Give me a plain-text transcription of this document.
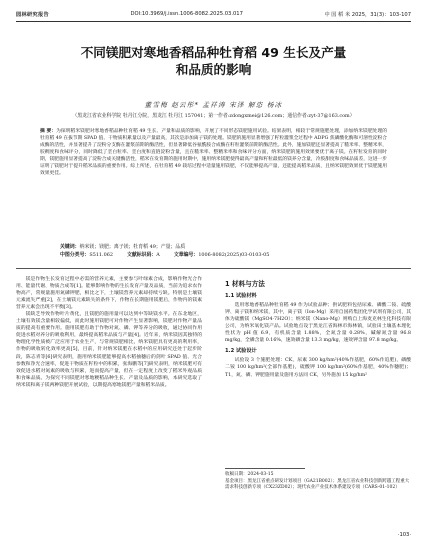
园林研究报告	DOI:10.3969/j.issn.1006-8082.2025.03.017	中 国 稻 米 2025，31(3)：103-107
不同镁肥对寒地香稻品种牡育稻 49 生长及产量
和品质的影响
董雪梅 赵云彤* 孟祥涛 宋泽 解恣 杨冰
（黑龙江省农业科学院 牡丹江分院，黑龙江 牡丹江 157041；第一作者:zdongxmei@126.com；通信作者:zyt-37@163.com）
摘 要：为探明稻米镁肥对寒地香稻品种牡育稻 49 生长、产量和品质的影响，开展了不同形态镁肥施用试验。结果表明，相较于常规施肥处理，添加纳米镁肥处理的牡育稻 49 在拔节期 SPAD 值、干物质积累量以及产量最高，其次是添加离子镁的处理。镁肥的施用显著增强了籽粒灌浆全过程中 ADPG 焦磷酸化酶和可溶性淀粉合成酶的活性，并显著提升了淀粉分支酶在灌浆前期的酶活性，但显著降低谷氨酰胺合成酶在籽粒灌浆前期的酶活性。此外，施加镁肥还显著提高了糙米率、整精米率，胶稠度和食味评分，同时降低了垩白粒率、垩白度和直链淀粉含量，且在糙米率、整精米率和食味评分方面，纳米镁肥的施用效果要优于离子镁。在籽粒发育的同时期，镁肥施用显著提高了淀粉合成关键酶活性，稻米在发育期的施用时期中，施用纳米镁肥使得最高产量和籽粒最低的镁养分含量，冷胶甜度和食味品质差，这进一步证明了镁肥对于提升稻米品质的重要作用。综上所述，在牡育稻 49 栽培过程中适量施用镁肥，不仅能够提高产量，还能提高稻米品质，且纳米镁肥效果优于镁肥施用效果更佳。
关键词：纳米镁；镁肥；离子镁；牡育稻 49；产量；品质
中图分类号：S511.062	文献标识码：A	文章编号：1006-8082(2025)03-0103-05

镁是作物生长发育过程中必需的营养元素，主要参与叶绿素合成，影响作物光合作用、能量代谢、物质合成等[1]。能够影响作物的生长发育产量及品质，当前为追求农作物高产，常规量施用氮磷钾肥，相比之下，土壤镁营养元素却持续亏缺。特别是土壤镁元素流失严重[2]，在土壤镁元素缺失的条件下，作物在长期施用镁肥后，作物内的镁素营养元素会出现不平衡[3]。

镁缺乏导致作物叶片黄化，且镁肥的施用量可以达到中等缺镁水平。在东北地区，土壤有效镁含量相较偏低，而此时施用镁肥可对作物产生显著影响，镁肥对作物产量品质的提高有重要作用。施用镁肥有助于作物对氮、磷、钾等养分的吸收，通过协同作用促进水稻对养分的吸收利用，最终提高稻米品质与产量[4]。近年来，纳米镁因其独特的物理化学性质被广泛应用于农业生产，与常规镁肥相比，纳米镁肥具有更高的利用率，作物的吸收转化效率更高[5]，目前，针对纳米镁肥在水稻中的应用研究还处于起步阶段，陈志青等[6]研究表明，施用纳米镁肥能够提高水稻抽穗后的剑叶 SPAD 值、光合参数和净光合速率，促进干物质在籽粒中的积累，张海鹏等[7]研究表明，纳米镁肥可有效促进水稻对氮素的吸收与积累，进而提高产量，但在一定程度上改变了稻米外观品质和食味品质。为探究不同镁肥对寒地粳稻品种生长、产量及品质的影响，本研究选取了纳米镁和离子镁两种镁肥开展试验，以期提高寒地镁肥产量和稻米品质。

1 材料与方法
1.1 试验材料

选用寒地香稻品种牡育稻 49 作为试验品种；供试肥料包括尿素、磷酸二铵、硫酸钾、离子镁和纳米镁，其中，离子镁（Ion-Mg）采用自国药集团化学试剂有限公司，其体为硫酸镁（MgSO4·7H2O）；纳米镁（Nano-Mg）则购自上海麦克林生化科技有限公司，为纳米氧化镁产品。试验地点设于黑龙江省海林市海林镇，试验田土壤基本理化性状为 pH 值 6.9，有机质含量 1.88%，全氮含量 0.28%，碱解氮含量 96.8 mg/kg，全磷含量 0.16%，速效磷含量 13.3 mg/kg，速效钾含量 97.8 mg/kg。

1.2 试验设计

试验设 3 个施肥处理：CK，尿素 300 kg/hm²(40%作基肥，60%作追肥)，磷酸二铵 100 kg/hm²(全部作基肥)，硫酸钾 100 kg/hm²(60%作基肥，40%作穗肥)；T1，氮、磷、钾肥施用量及施用方法同 CK，另外施加 15 kg/hm²

收稿日期：2024-03-15
基金项目：黑龙江省重点研发计划项目（GA21B002）；黑龙江省农业科技创新跨越工程重大需求科技创新专项（CX23ZD02）；现代农业产业技术体系建设专项（CARS-01-102）
·103·
